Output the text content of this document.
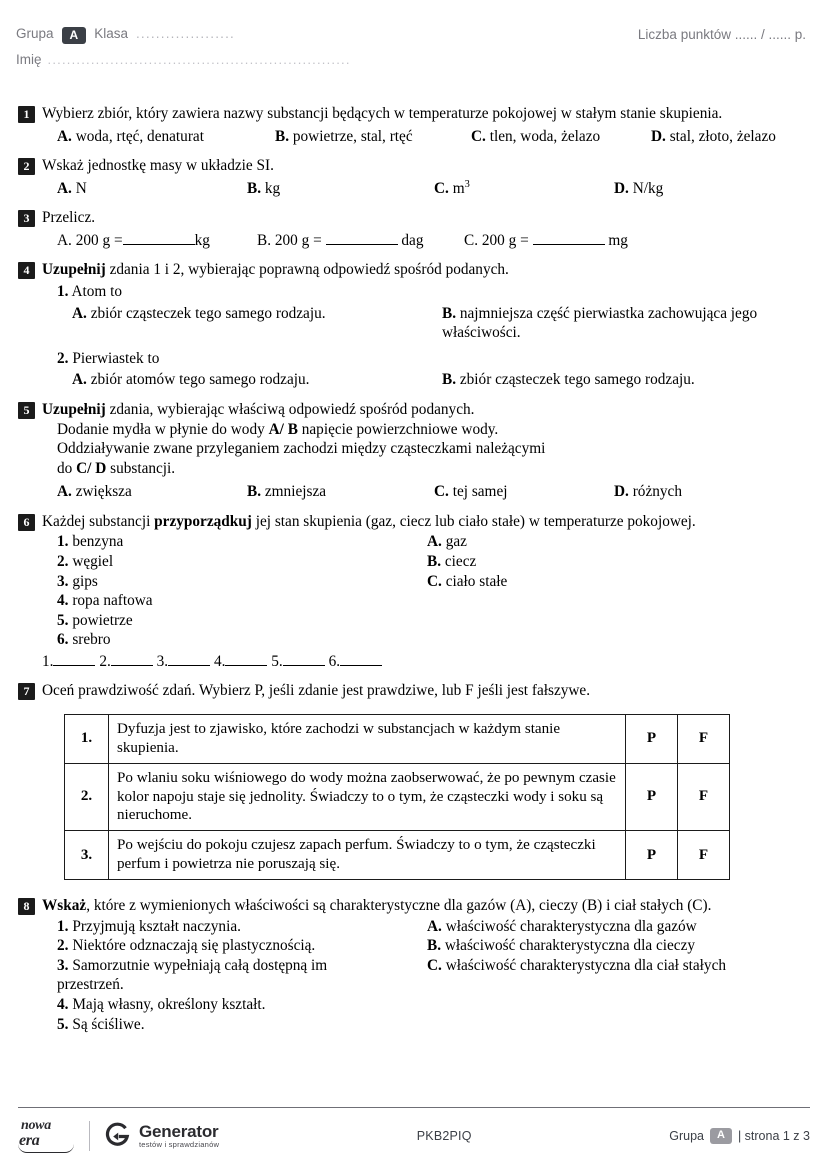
Grupa	A	Klasa ....................	Liczba punktów ...... / ...... p.
Imię ...............................................................
1 Wybierz zbiór, który zawiera nazwy substancji będących w temperaturze pokojowej w stałym stanie skupienia.
A. woda, rtęć, denaturat	B. powietrze, stal, rtęć	C. tlen, woda, żelazo	D. stal, złoto, żelazo
2 Wskaż jednostkę masy w układzie SI.
A. N	B. kg	C. $m^3$	D. N/kg
3 Przelicz.
A. 200 g =	kg	B. 200 g =	dag	C. 200 g =	mg
4 Uzupełnij zdania 1 i 2, wybierając poprawną odpowiedź spośród podanych.
1. Atom to
A. zbiór cząsteczek tego samego rodzaju.	B. najmniejsza część pierwiastka zachowująca jego właściwości.
2. Pierwiastek to
A. zbiór atomów tego samego rodzaju.	B. zbiór cząsteczek tego samego rodzaju.
5 Uzupełnij zdania, wybierając właściwą odpowiedź spośród podanych.
Dodanie mydła w płynie do wody A/ B napięcie powierzchniowe wody.
Oddziaływanie zwane przyleganiem zachodzi między cząsteczkami należącymi
do C/ D substancji.
A. zwiększa	B. zmniejsza	C. tej samej	D. różnych
6 Każdej substancji przyporządkuj jej stan skupienia (gaz, ciecz lub ciało stałe) w temperaturze pokojowej.
1. benzyna
2. węgiel
3. gips
4. ropa naftowa
5. powietrze
6. srebro
A. gaz
B. ciecz
C. ciało stałe
1.	2.	3.	4.	5.	6.
7 Oceń prawdziwość zdań. Wybierz P, jeśli zdanie jest prawdziwe, lub F jeśli jest fałszywe.
1.	Dyfuzja jest to zjawisko, które zachodzi w substancjach w każdym stanie skupienia.	P	F
2.	Po wlaniu soku wiśniowego do wody można zaobserwować, że po pewnym czasie kolor napoju staje się jednolity. Świadczy to o tym, że cząsteczki wody i soku są nieruchome.	P	F
3.	Po wejściu do pokoju czujesz zapach perfum. Świadczy to o tym, że cząsteczki perfum i powietrza nie poruszają się.	P	F
8 Wskaż, które z wymienionych właściwości są charakterystyczne dla gazów (A), cieczy (B) i ciał stałych (C).
1. Przyjmują kształt naczynia.
2. Niektóre odznaczają się plastycznością.
3. Samorzutnie wypełniają całą dostępną im przestrzeń.
4. Mają własny, określony kształt.
5. Są ściśliwe.
A. właściwość charakterystyczna dla gazów
B. właściwość charakterystyczna dla cieczy
C. właściwość charakterystyczna dla ciał stałych
nowa
era	Generator
testów i sprawdzianów
PKB2PIQ	Grupa	A	| strona 1 z 3
